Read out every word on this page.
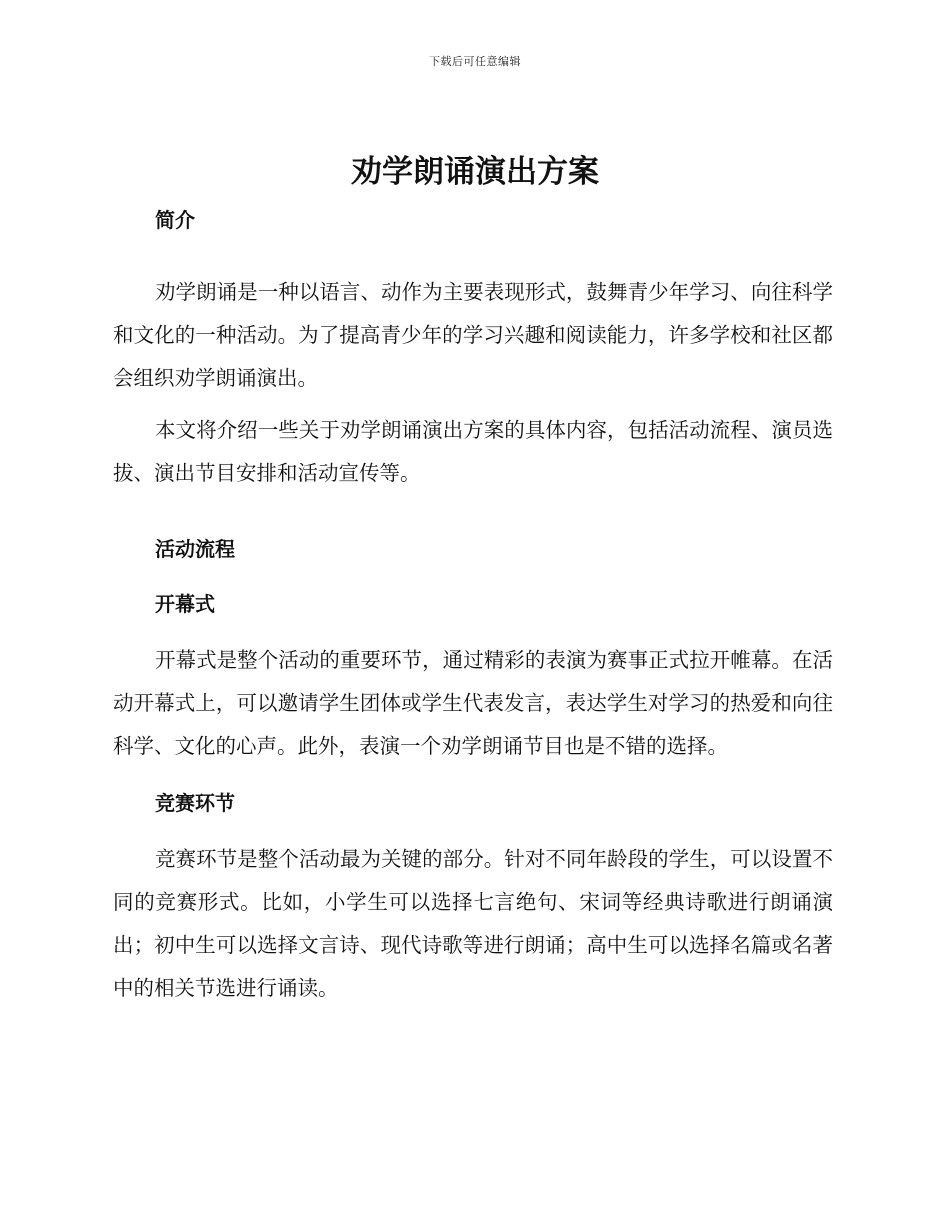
下载后可任意编辑
劝学朗诵演出方案
简介

劝学朗诵是一种以语言、动作为主要表现形式，鼓舞青少年学习、向往科学和文化的一种活动。为了提高青少年的学习兴趣和阅读能力，许多学校和社区都会组织劝学朗诵演出。

本文将介绍一些关于劝学朗诵演出方案的具体内容，包括活动流程、演员选拔、演出节目安排和活动宣传等。

活动流程
开幕式

开幕式是整个活动的重要环节，通过精彩的表演为赛事正式拉开帷幕。在活动开幕式上，可以邀请学生团体或学生代表发言，表达学生对学习的热爱和向往科学、文化的心声。此外，表演一个劝学朗诵节目也是不错的选择。

竞赛环节

竞赛环节是整个活动最为关键的部分。针对不同年龄段的学生，可以设置不同的竞赛形式。比如，小学生可以选择七言绝句、宋词等经典诗歌进行朗诵演出；初中生可以选择文言诗、现代诗歌等进行朗诵；高中生可以选择名篇或名著中的相关节选进行诵读。
